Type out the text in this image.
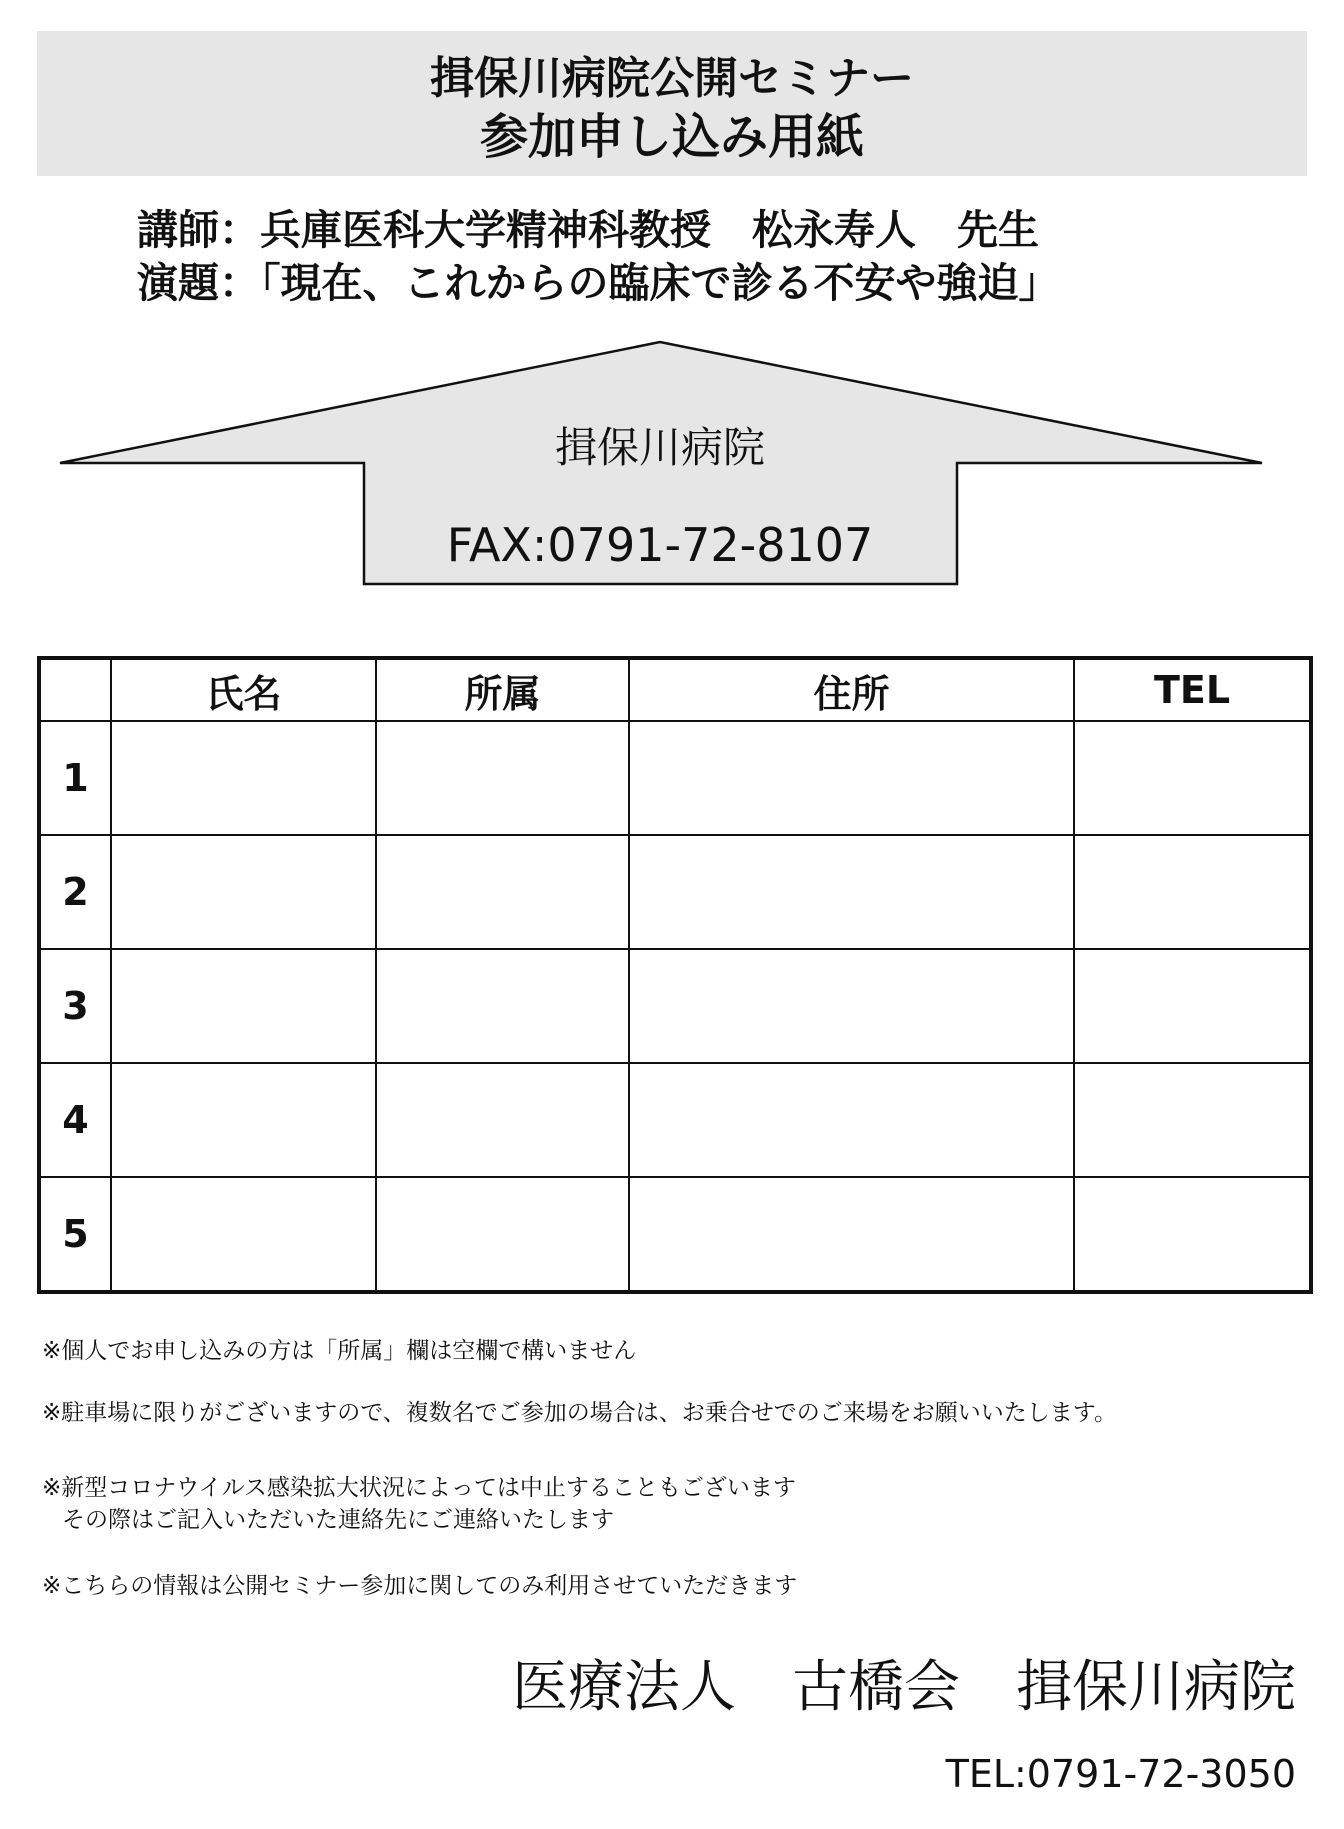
揖保川病院公開セミナー
参加申し込み用紙
講師：兵庫医科大学精神科教授　松永寿人　先生
演題：「現在、これからの臨床で診る不安や強迫」
揖保川病院
FAX:0791-72-8107
	氏名	所属	住所	TEL
1				
2				
3				
4				
5				
※個人でお申し込みの方は「所属」欄は空欄で構いません
※駐車場に限りがございますので、複数名でご参加の場合は、お乗合せでのご来場をお願いいたします。
※新型コロナウイルス感染拡大状況によっては中止することもございます
その際はご記入いただいた連絡先にご連絡いたします
※こちらの情報は公開セミナー参加に関してのみ利用させていただきます
医療法人　古橋会　揖保川病院
TEL:0791-72-3050
